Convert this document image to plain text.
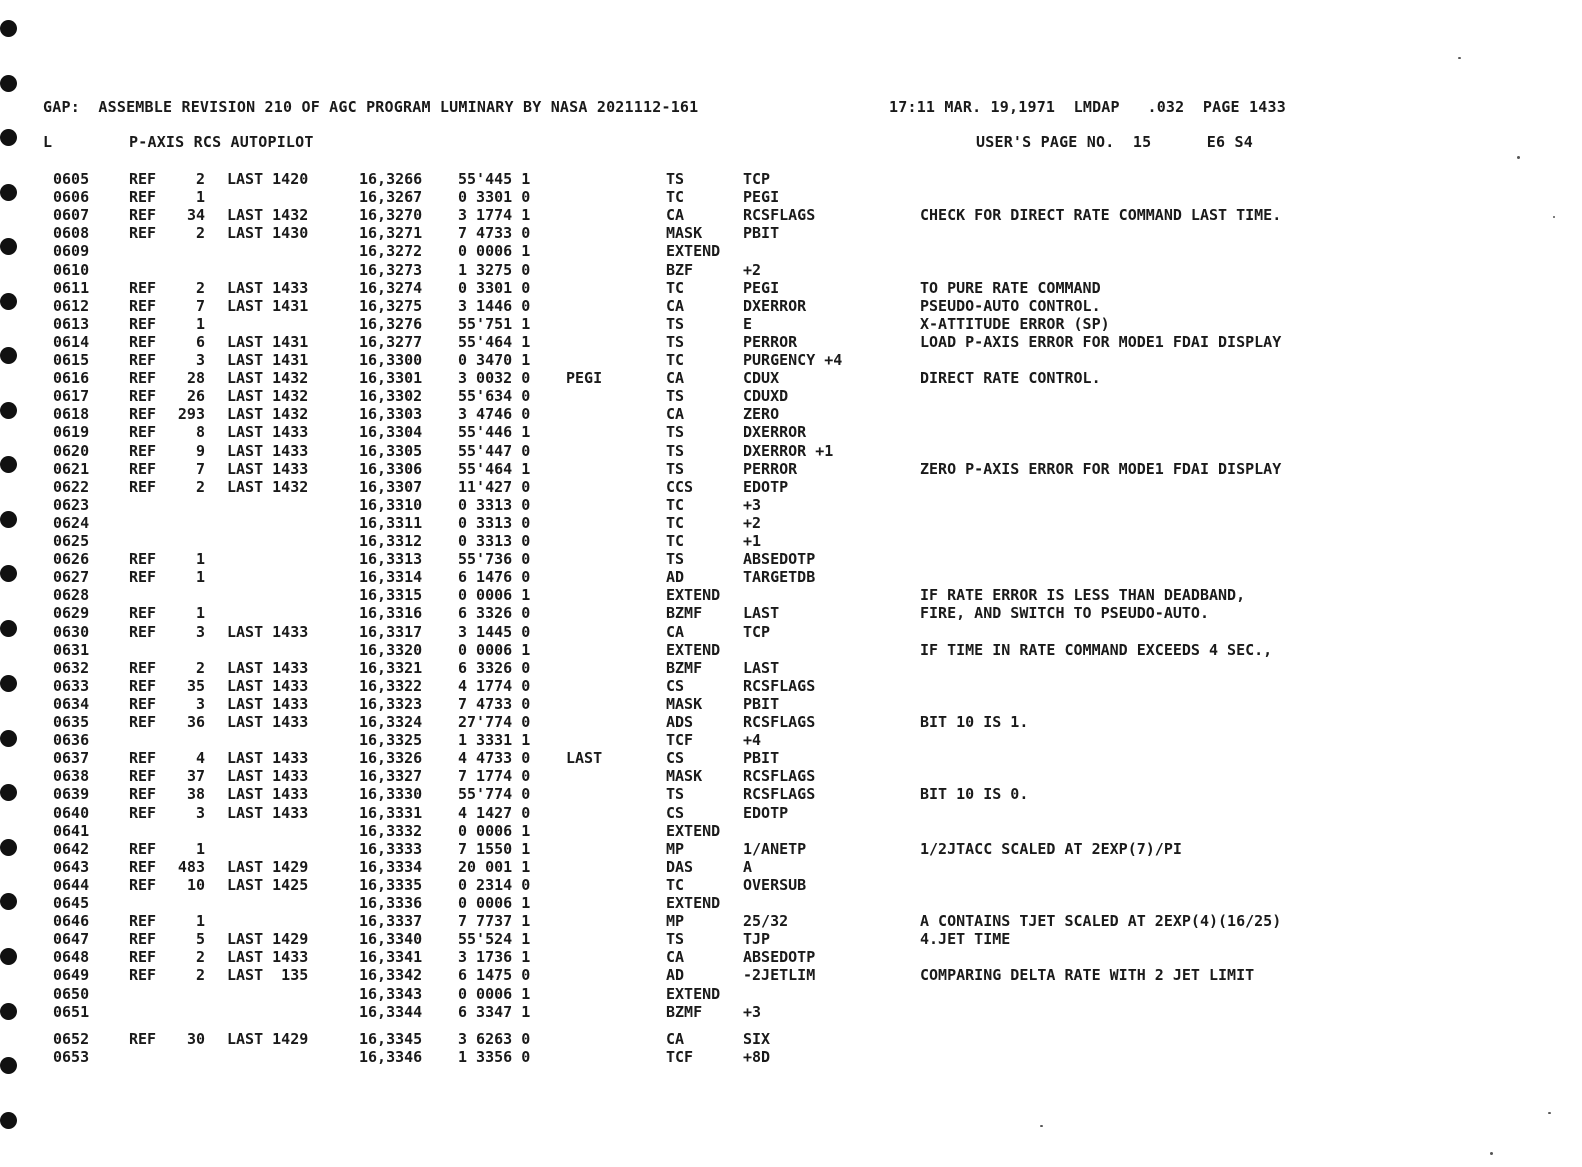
GAP:  ASSEMBLE REVISION 210 OF AGC PROGRAM LUMINARY BY NASA 2021112-161	17:11 MAR. 19,1971  LMDAP   .032  PAGE 1433
L	P-AXIS RCS AUTOPILOT	USER'S PAGE NO.  15      E6 S4
0605	REF	2 LAST 1420	16,3266 55'445 1	TS	TCP
0606	REF	1	16,3267 0 3301 0	TC	PEGI
0607	REF	34 LAST 1432	16,3270 3 1774 1	CA	RCSFLAGS	CHECK FOR DIRECT RATE COMMAND LAST TIME.
0608	REF	2 LAST 1430	16,3271 7 4733 0	MASK	PBIT
0609	16,3272 0 0006 1	EXTEND
0610	16,3273 1 3275 0	BZF	+2
0611	REF	2 LAST 1433	16,3274 0 3301 0	TC	PEGI	TO PURE RATE COMMAND
0612	REF	7 LAST 1431	16,3275 3 1446 0	CA	DXERROR	PSEUDO-AUTO CONTROL.
0613	REF	1	16,3276 55'751 1	TS	E	X-ATTITUDE ERROR (SP)
0614	REF	6 LAST 1431	16,3277 55'464 1	TS	PERROR	LOAD P-AXIS ERROR FOR MODE1 FDAI DISPLAY
0615	REF	3 LAST 1431	16,3300 0 3470 1	TC	PURGENCY +4
0616	REF	28 LAST 1432	16,3301 3 0032 0 PEGI	CA	CDUX	DIRECT RATE CONTROL.
0617	REF	26 LAST 1432	16,3302 55'634 0	TS	CDUXD
0618	REF	293 LAST 1432	16,3303 3 4746 0	CA	ZERO
0619	REF	8 LAST 1433	16,3304 55'446 1	TS	DXERROR
0620	REF	9 LAST 1433	16,3305 55'447 0	TS	DXERROR +1
0621	REF	7 LAST 1433	16,3306 55'464 1	TS	PERROR	ZERO P-AXIS ERROR FOR MODE1 FDAI DISPLAY
0622	REF	2 LAST 1432	16,3307 11'427 0	CCS	EDOTP
0623	16,3310 0 3313 0	TC	+3
0624	16,3311 0 3313 0	TC	+2
0625	16,3312 0 3313 0	TC	+1
0626	REF	1	16,3313 55'736 0	TS	ABSEDOTP
0627	REF	1	16,3314 6 1476 0	AD	TARGETDB
0628	16,3315 0 0006 1	EXTEND	IF RATE ERROR IS LESS THAN DEADBAND,
0629	REF	1	16,3316 6 3326 0	BZMF	LAST	FIRE, AND SWITCH TO PSEUDO-AUTO.
0630	REF	3 LAST 1433	16,3317 3 1445 0	CA	TCP
0631	16,3320 0 0006 1	EXTEND	IF TIME IN RATE COMMAND EXCEEDS 4 SEC.,
0632	REF	2 LAST 1433	16,3321 6 3326 0	BZMF	LAST
0633	REF	35 LAST 1433	16,3322 4 1774 0	CS	RCSFLAGS
0634	REF	3 LAST 1433	16,3323 7 4733 0	MASK	PBIT
0635	REF	36 LAST 1433	16,3324 27'774 0	ADS	RCSFLAGS	BIT 10 IS 1.
0636	16,3325 1 3331 1	TCF	+4
0637	REF	4 LAST 1433	16,3326 4 4733 0 LAST	CS	PBIT
0638	REF	37 LAST 1433	16,3327 7 1774 0	MASK	RCSFLAGS
0639	REF	38 LAST 1433	16,3330 55'774 0	TS	RCSFLAGS	BIT 10 IS 0.
0640	REF	3 LAST 1433	16,3331 4 1427 0	CS	EDOTP
0641	16,3332 0 0006 1	EXTEND
0642	REF	1	16,3333 7 1550 1	MP	1/ANETP	1/2JTACC SCALED AT 2EXP(7)/PI
0643	REF	483 LAST 1429	16,3334 20 001 1	DAS	A
0644	REF	10 LAST 1425	16,3335 0 2314 0	TC	OVERSUB
0645	16,3336 0 0006 1	EXTEND
0646	REF	1	16,3337 7 7737 1	MP	25/32	A CONTAINS TJET SCALED AT 2EXP(4)(16/25)
0647	REF	5 LAST 1429	16,3340 55'524 1	TS	TJP	4.JET TIME
0648	REF	2 LAST 1433	16,3341 3 1736 1	CA	ABSEDOTP
0649	REF	2 LAST  135	16,3342 6 1475 0	AD	-2JETLIM	COMPARING DELTA RATE WITH 2 JET LIMIT
0650	16,3343 0 0006 1	EXTEND
0651	16,3344 6 3347 1	BZMF	+3
0652	REF	30 LAST 1429	16,3345 3 6263 0	CA	SIX
0653	16,3346 1 3356 0	TCF	+8D
